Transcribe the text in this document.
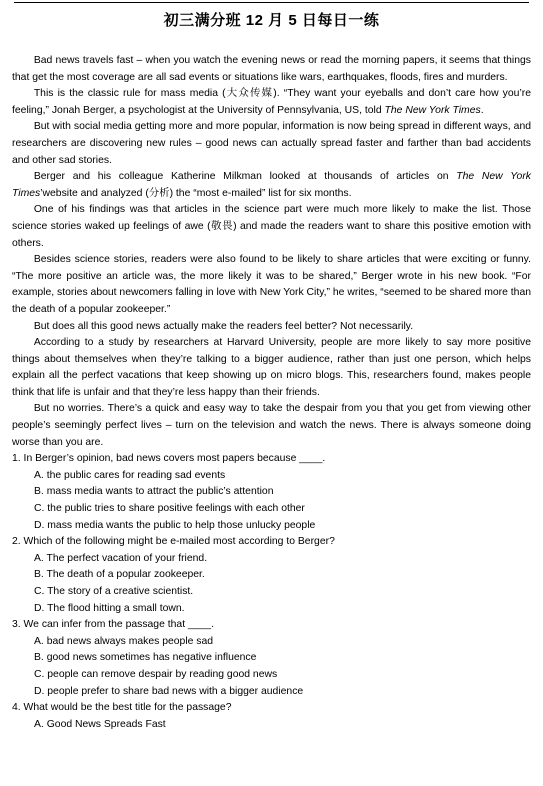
初三满分班 12 月 5 日每日一练

Bad news travels fast – when you watch the evening news or read the morning papers, it seems that things that get the most coverage are all sad events or situations like wars, earthquakes, floods, fires and murders.

This is the classic rule for mass media (大众传媒). “They want your eyeballs and don’t care how you’re feeling,” Jonah Berger, a psychologist at the University of Pennsylvania, US, told The New York Times.

But with social media getting more and more popular, information is now being spread in different ways, and researchers are discovering new rules – good news can actually spread faster and farther than bad accidents and other sad stories.

Berger and his colleague Katherine Milkman looked at thousands of articles on The New York Times’website and analyzed (分析) the “most e-mailed” list for six months.

One of his findings was that articles in the science part were much more likely to make the list. Those science stories waked up feelings of awe (敬畏) and made the readers want to share this positive emotion with others.

Besides science stories, readers were also found to be likely to share articles that were exciting or funny. “The more positive an article was, the more likely it was to be shared,” Berger wrote in his new book. “For example, stories about newcomers falling in love with New York City,” he writes, “seemed to be shared more than the death of a popular zookeeper.”

But does all this good news actually make the readers feel better? Not necessarily.

According to a study by researchers at Harvard University, people are more likely to say more positive things about themselves when they’re talking to a bigger audience, rather than just one person, which helps explain all the perfect vacations that keep showing up on micro blogs. This, researchers found, makes people think that life is unfair and that they’re less happy than their friends.

But no worries. There’s a quick and easy way to take the despair from you that you get from viewing other people’s seemingly perfect lives – turn on the television and watch the news. There is always someone doing worse than you are.

1. In Berger’s opinion, bad news covers most papers because ____.
A. the public cares for reading sad events
B. mass media wants to attract the public’s attention
C. the public tries to share positive feelings with each other
D. mass media wants the public to help those unlucky people
2. Which of the following might be e-mailed most according to Berger?
A. The perfect vacation of your friend.
B. The death of a popular zookeeper.
C. The story of a creative scientist.
D. The flood hitting a small town.
3. We can infer from the passage that ____.
A. bad news always makes people sad
B. good news sometimes has negative influence
C. people can remove despair by reading good news
D. people prefer to share bad news with a bigger audience
4. What would be the best title for the passage?
A. Good News Spreads Fast
